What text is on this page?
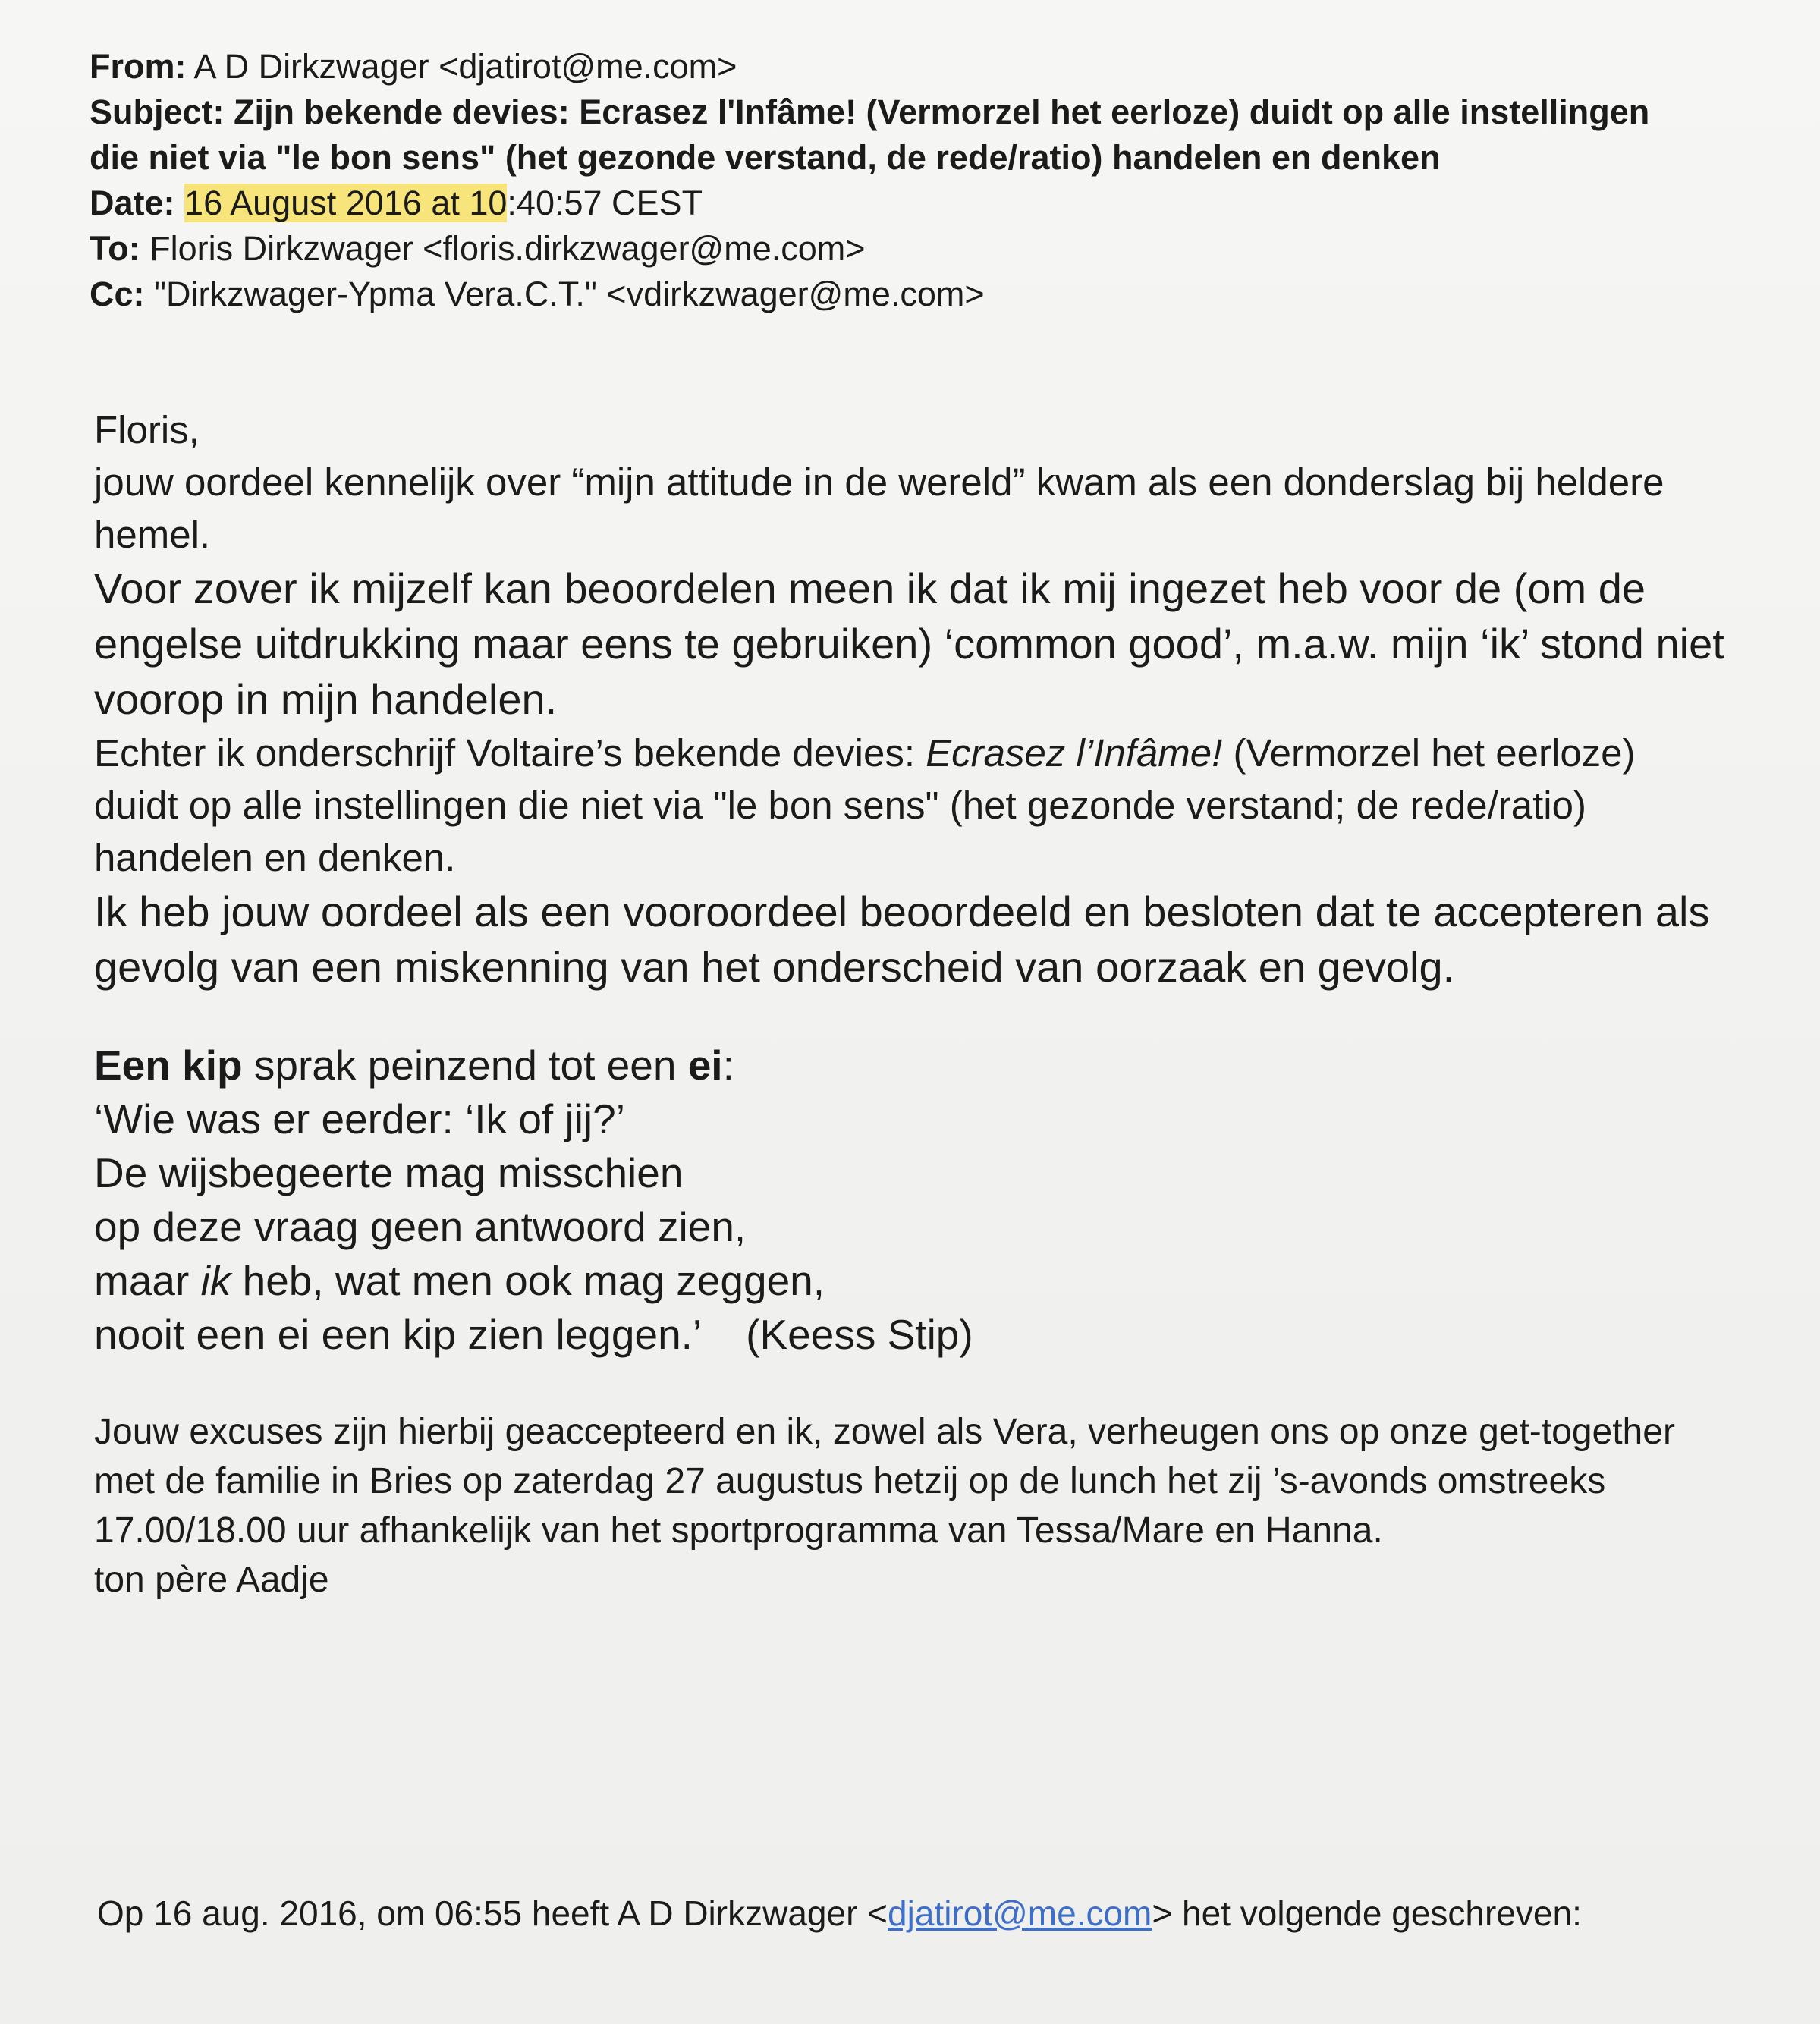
From: A D Dirkzwager <djatirot@me.com>

Subject: Zijn bekende devies: Ecrasez l'Infâme! (Vermorzel het eerloze) duidt op alle instellingen die niet via "le bon sens" (het gezonde verstand, de rede/ratio) handelen en denken

Date: 16 August 2016 at 10:40:57 CEST

To: Floris Dirkzwager <floris.dirkzwager@me.com>

Cc: "Dirkzwager-Ypma Vera.C.T." <vdirkzwager@me.com>

Floris,

jouw oordeel kennelijk over “mijn attitude in de wereld” kwam als een donderslag bij heldere hemel.

Voor zover ik mijzelf kan beoordelen meen ik dat ik mij ingezet heb voor de (om de engelse uitdrukking maar eens te gebruiken) ‘common good’, m.a.w. mijn ‘ik’ stond niet voorop in mijn handelen.

Echter ik onderschrijf Voltaire’s bekende devies: Ecrasez l’Infâme! (Vermorzel het eerloze) duidt op alle instellingen die niet via "le bon sens" (het gezonde verstand; de rede/ratio) handelen en denken.

Ik heb jouw oordeel als een vooroordeel beoordeeld en besloten dat te accepteren als gevolg van een miskenning van het onderscheid van oorzaak en gevolg.

Een kip sprak peinzend tot een ei:

‘Wie was er eerder: ‘Ik of jij?’

De wijsbegeerte mag misschien

op deze vraag geen antwoord zien,

maar ik heb, wat men ook mag zeggen,

nooit een ei een kip zien leggen.’ (Keess Stip)

Jouw excuses zijn hierbij geaccepteerd en ik, zowel als Vera, verheugen ons op onze get-together met de familie in Bries op zaterdag 27 augustus hetzij op de lunch het zij ’s-avonds omstreeks 17.00/18.00 uur afhankelijk van het sportprogramma van Tessa/Mare en Hanna.

ton père Aadje

Op 16 aug. 2016, om 06:55 heeft A D Dirkzwager <djatirot@me.com> het volgende geschreven:
